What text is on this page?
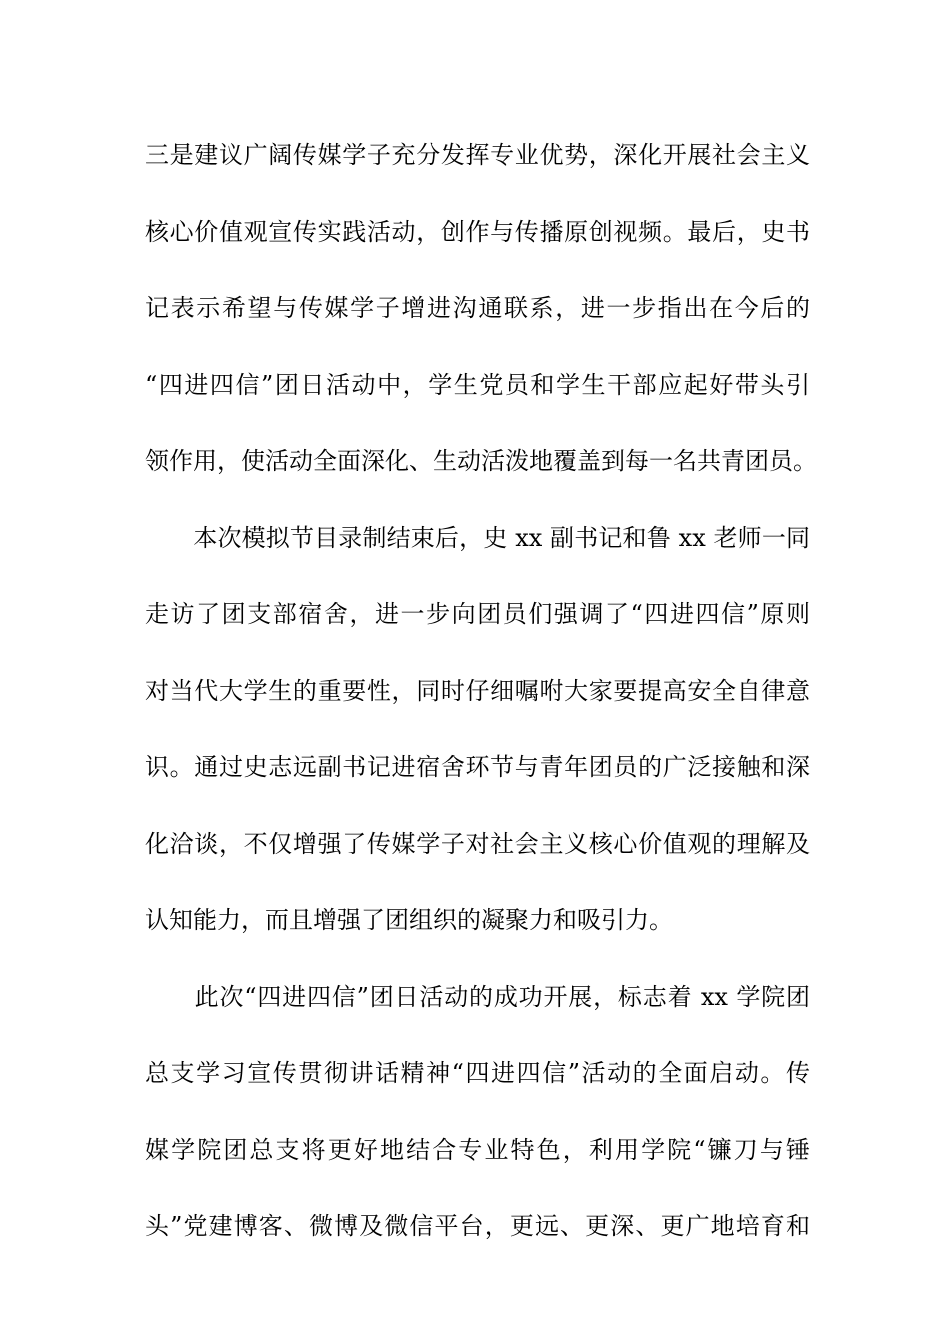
三是建议广阔传媒学子充分发挥专业优势，深化开展社会主义
核心价值观宣传实践活动，创作与传播原创视频。最后，史书
记表示希望与传媒学子增进沟通联系，进一步指出在今后的
“四进四信”团日活动中，学生党员和学生干部应起好带头引
领作用，使活动全面深化、生动活泼地覆盖到每一名共青团员。
　　本次模拟节目录制结束后，史 xx 副书记和鲁 xx 老师一同
走访了团支部宿舍，进一步向团员们强调了“四进四信”原则
对当代大学生的重要性，同时仔细嘱咐大家要提高安全自律意
识。通过史志远副书记进宿舍环节与青年团员的广泛接触和深
化洽谈，不仅增强了传媒学子对社会主义核心价值观的理解及
认知能力，而且增强了团组织的凝聚力和吸引力。
　　此次“四进四信”团日活动的成功开展，标志着 xx 学院团
总支学习宣传贯彻讲话精神“四进四信”活动的全面启动。传
媒学院团总支将更好地结合专业特色，利用学院“镰刀与锤
头”党建博客、微博及微信平台，更远、更深、更广地培育和
